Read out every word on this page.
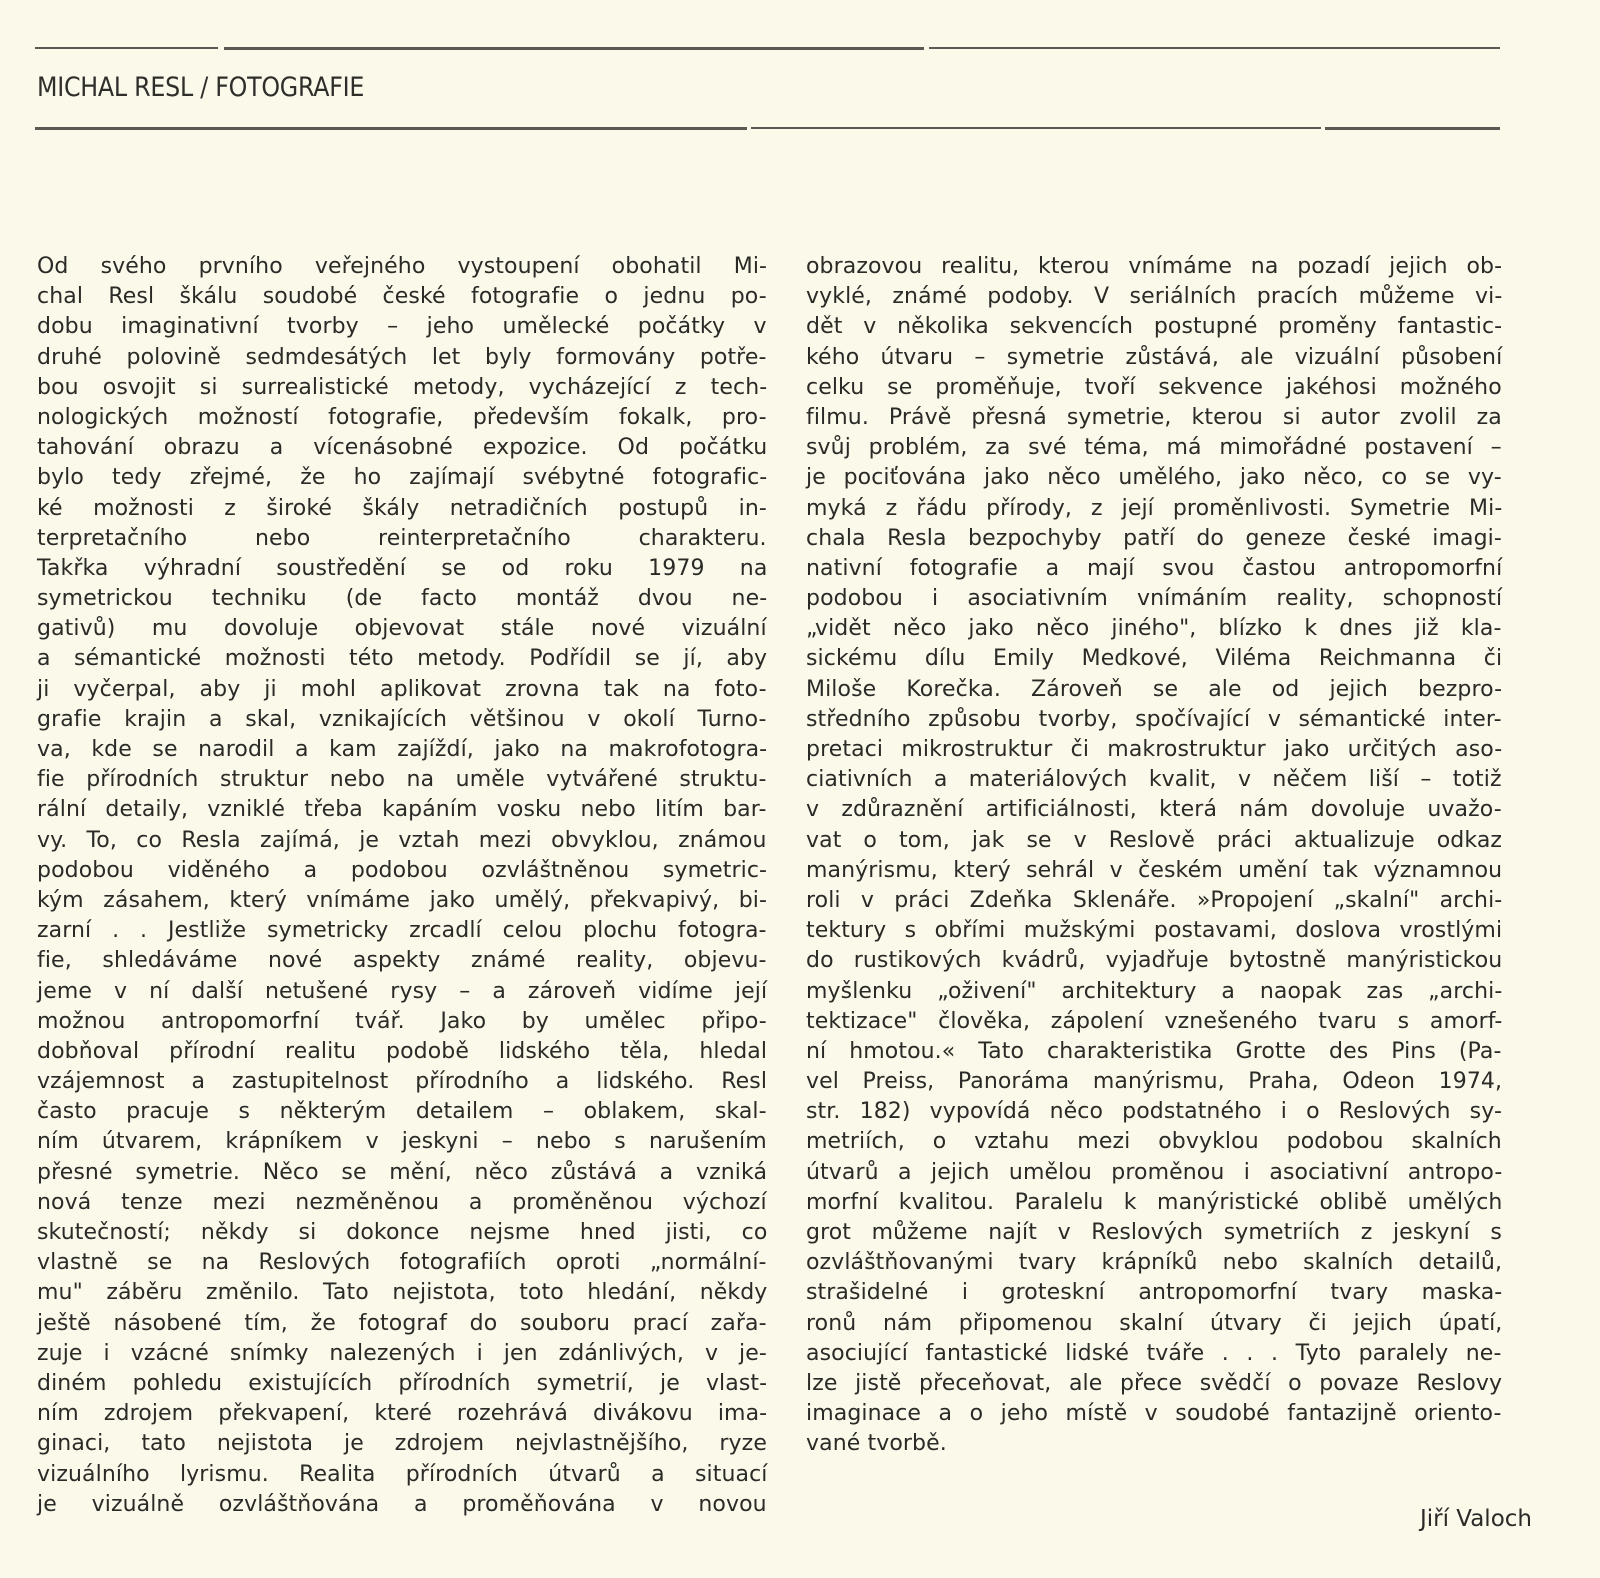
MICHAL RESL / FOTOGRAFIE
Od svého prvního veřejného vystoupení obohatil Mi-
chal Resl škálu soudobé české fotografie o jednu po-
dobu imaginativní tvorby – jeho umělecké počátky v
druhé polovině sedmdesátých let byly formovány potře-
bou osvojit si surrealistické metody, vycházející z tech-
nologických možností fotografie, především fokalk, pro-
tahování obrazu a vícenásobné expozice. Od počátku
bylo tedy zřejmé, že ho zajímají svébytné fotografic-
ké možnosti z široké škály netradičních postupů in-
terpretačního nebo reinterpretačního charakteru.
Takřka výhradní soustředění se od roku 1979 na
symetrickou techniku (de facto montáž dvou ne-
gativů) mu dovoluje objevovat stále nové vizuální
a sémantické možnosti této metody. Podřídil se jí, aby
ji vyčerpal, aby ji mohl aplikovat zrovna tak na foto-
grafie krajin a skal, vznikajících většinou v okolí Turno-
va, kde se narodil a kam zajíždí, jako na makrofotogra-
fie přírodních struktur nebo na uměle vytvářené struktu-
rální detaily, vzniklé třeba kapáním vosku nebo litím bar-
vy. To, co Resla zajímá, je vztah mezi obvyklou, známou
podobou viděného a podobou ozvláštněnou symetric-
kým zásahem, který vnímáme jako umělý, překvapivý, bi-
zarní . . Jestliže symetricky zrcadlí celou plochu fotogra-
fie, shledáváme nové aspekty známé reality, objevu-
jeme v ní další netušené rysy – a zároveň vidíme její
možnou antropomorfní tvář. Jako by umělec připo-
dobňoval přírodní realitu podobě lidského těla, hledal
vzájemnost a zastupitelnost přírodního a lidského. Resl
často pracuje s některým detailem – oblakem, skal-
ním útvarem, krápníkem v jeskyni – nebo s narušením
přesné symetrie. Něco se mění, něco zůstává a vzniká
nová tenze mezi nezměněnou a proměněnou výchozí
skutečností; někdy si dokonce nejsme hned jisti, co
vlastně se na Reslových fotografiích oproti „normální-
mu" záběru změnilo. Tato nejistota, toto hledání, někdy
ještě násobené tím, že fotograf do souboru prací zařa-
zuje i vzácné snímky nalezených i jen zdánlivých, v je-
diném pohledu existujících přírodních symetrií, je vlast-
ním zdrojem překvapení, které rozehrává divákovu ima-
ginaci, tato nejistota je zdrojem nejvlastnějšího, ryze
vizuálního lyrismu. Realita přírodních útvarů a situací
je vizuálně ozvláštňována a proměňována v novou
obrazovou realitu, kterou vnímáme na pozadí jejich ob-
vyklé, známé podoby. V seriálních pracích můžeme vi-
dět v několika sekvencích postupné proměny fantastic-
kého útvaru – symetrie zůstává, ale vizuální působení
celku se proměňuje, tvoří sekvence jakéhosi možného
filmu. Právě přesná symetrie, kterou si autor zvolil za
svůj problém, za své téma, má mimořádné postavení –
je pociťována jako něco umělého, jako něco, co se vy-
myká z řádu přírody, z její proměnlivosti. Symetrie Mi-
chala Resla bezpochyby patří do geneze české imagi-
nativní fotografie a mají svou častou antropomorfní
podobou i asociativním vnímáním reality, schopností
„vidět něco jako něco jiného", blízko k dnes již kla-
sickému dílu Emily Medkové, Viléma Reichmanna či
Miloše Korečka. Zároveň se ale od jejich bezpro-
středního způsobu tvorby, spočívající v sémantické inter-
pretaci mikrostruktur či makrostruktur jako určitých aso-
ciativních a materiálových kvalit, v něčem liší – totiž
v zdůraznění artificiálnosti, která nám dovoluje uvažo-
vat o tom, jak se v Reslově práci aktualizuje odkaz
manýrismu, který sehrál v českém umění tak významnou
roli v práci Zdeňka Sklenáře. »Propojení „skalní" archi-
tektury s obřími mužskými postavami, doslova vrostlými
do rustikových kvádrů, vyjadřuje bytostně manýristickou
myšlenku „oživení" architektury a naopak zas „archi-
tektizace" člověka, zápolení vznešeného tvaru s amorf-
ní hmotou.« Tato charakteristika Grotte des Pins (Pa-
vel Preiss, Panoráma manýrismu, Praha, Odeon 1974,
str. 182) vypovídá něco podstatného i o Reslových sy-
metriích, o vztahu mezi obvyklou podobou skalních
útvarů a jejich umělou proměnou i asociativní antropo-
morfní kvalitou. Paralelu k manýristické oblibě umělých
grot můžeme najít v Reslových symetriích z jeskyní s
ozvláštňovanými tvary krápníků nebo skalních detailů,
strašidelné i groteskní antropomorfní tvary maska-
ronů nám připomenou skalní útvary či jejich úpatí,
asociující fantastické lidské tváře . . . Tyto paralely ne-
lze jistě přeceňovat, ale přece svědčí o povaze Reslovy
imaginace a o jeho místě v soudobé fantazijně oriento-
vané tvorbě.
Jiří Valoch
